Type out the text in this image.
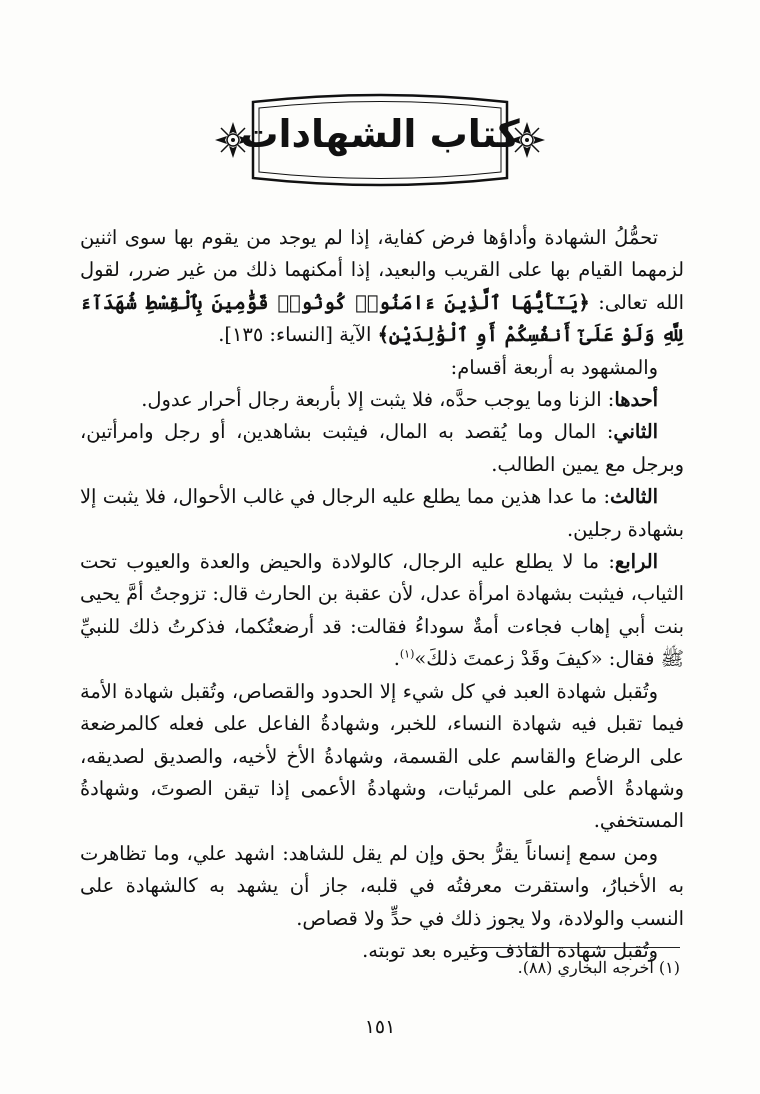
كتاب الشهادات

تحمُّلُ الشهادة وأداؤها فرض كفاية، إذا لم يوجد من يقوم بها سوى اثنين لزمهما القيام بها على القريب والبعيد، إذا أمكنهما ذلك من غير ضرر، لقول الله تعالى: ﴿يَـٰٓأَيُّهَا ٱلَّذِينَ ءَامَنُوا۟ كُونُوا۟ قَوَّٰمِينَ بِٱلْقِسْطِ شُهَدَآءَ لِلَّهِ وَلَوْ عَلَىٰٓ أَنفُسِكُمْ أَوِ ٱلْوَٰلِدَيْنِ﴾ الآية [النساء: ١٣٥].

والمشهود به أربعة أقسام:

أحدها: الزنا وما يوجب حدَّه، فلا يثبت إلا بأربعة رجال أحرار عدول.

الثاني: المال وما يُقصد به المال، فيثبت بشاهدين، أو رجل وامرأتين، وبرجل مع يمين الطالب.

الثالث: ما عدا هذين مما يطلع عليه الرجال في غالب الأحوال، فلا يثبت إلا بشهادة رجلين.

الرابع: ما لا يطلع عليه الرجال، كالولادة والحيض والعدة والعيوب تحت الثياب، فيثبت بشهادة امرأة عدل، لأن عقبة بن الحارث قال: تزوجتُ أمَّ يحيى بنت أبي إهاب فجاءت أمةٌ سوداءُ فقالت: قد أرضعتُكما، فذكرتُ ذلك للنبيِّ ﷺ فقال: «كيفَ وقَدْ زعمتَ ذلكَ»$^{(١)}$.

وتُقبل شهادة العبد في كل شيء إلا الحدود والقصاص، وتُقبل شهادة الأمة فيما تقبل فيه شهادة النساء، للخبر، وشهادةُ الفاعل على فعله كالمرضعة على الرضاع والقاسم على القسمة، وشهادةُ الأخ لأخيه، والصديق لصديقه، وشهادةُ الأصم على المرئيات، وشهادةُ الأعمى إذا تيقن الصوتَ، وشهادةُ المستخفي.

ومن سمع إنساناً يقرُّ بحق وإن لم يقل للشاهد: اشهد علي، وما تظاهرت به الأخبارُ، واستقرت معرفتُه في قلبه، جاز أن يشهد به كالشهادة على النسب والولادة، ولا يجوز ذلك في حدٍّ ولا قصاص.

وتُقبل شهادة القاذف وغيره بعد توبته.

(١) أخرجه البخاري (٨٨).
١٥١
